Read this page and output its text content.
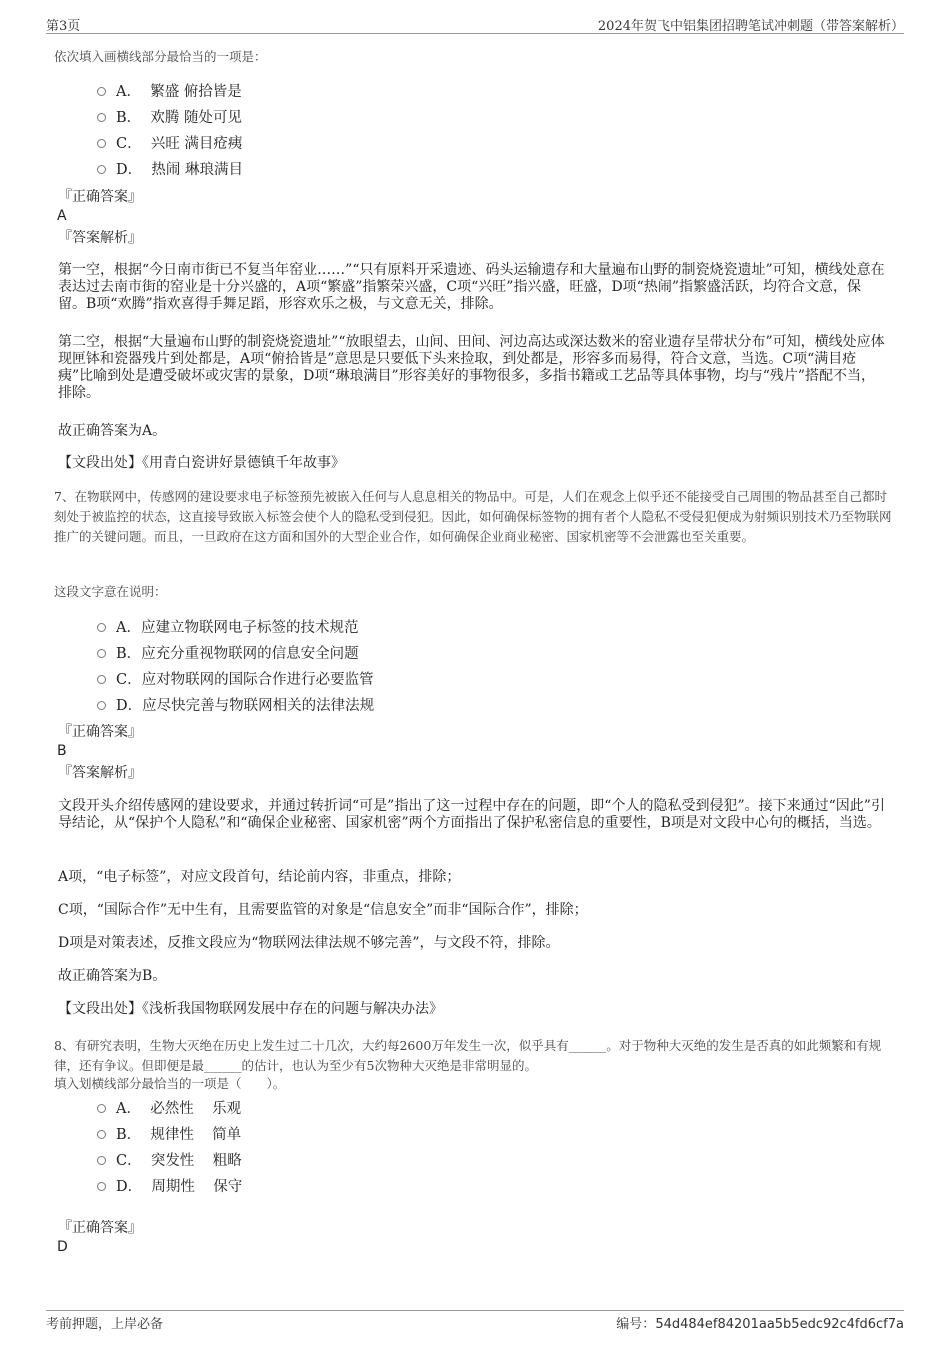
第3页	2024年贺飞中铝集团招聘笔试冲刺题（带答案解析）
依次填入画横线部分最恰当的一项是：
A．  繁盛 俯拾皆是
B．  欢腾 随处可见
C．  兴旺 满目疮痍
D．  热闹 琳琅满目
『正确答案』
A
『答案解析』
第一空，根据“今日南市街已不复当年窑业……”“只有原料开采遗迹、码头运输遗存和大量遍布山野的制瓷烧瓷遗址”可知，横线处意在表达过去南市街的窑业是十分兴盛的，A项“繁盛”指繁荣兴盛，C项“兴旺”指兴盛，旺盛，D项“热闹”指繁盛活跃，均符合文意，保留。B项“欢腾”指欢喜得手舞足蹈，形容欢乐之极，与文意无关，排除。
第二空，根据“大量遍布山野的制瓷烧瓷遗址”“放眼望去，山间、田间、河边高达或深达数米的窑业遗存呈带状分布”可知，横线处应体现匣钵和瓷器残片到处都是，A项“俯拾皆是”意思是只要低下头来捡取，到处都是，形容多而易得，符合文意，当选。C项“满目疮痍”比喻到处是遭受破坏或灾害的景象，D项“琳琅满目”形容美好的事物很多，多指书籍或工艺品等具体事物，均与“残片”搭配不当，排除。
故正确答案为A。
【文段出处】《用青白瓷讲好景德镇千年故事》
7、在物联网中，传感网的建设要求电子标签预先被嵌入任何与人息息相关的物品中。可是，人们在观念上似乎还不能接受自己周围的物品甚至自己都时刻处于被监控的状态，这直接导致嵌入标签会使个人的隐私受到侵犯。因此，如何确保标签物的拥有者个人隐私不受侵犯便成为射频识别技术乃至物联网推广的关键问题。而且，一旦政府在这方面和国外的大型企业合作，如何确保企业商业秘密、国家机密等不会泄露也至关重要。
这段文字意在说明：
A．应建立物联网电子标签的技术规范
B．应充分重视物联网的信息安全问题
C．应对物联网的国际合作进行必要监管
D．应尽快完善与物联网相关的法律法规
『正确答案』
B
『答案解析』
文段开头介绍传感网的建设要求，并通过转折词“可是”指出了这一过程中存在的问题，即“个人的隐私受到侵犯”。接下来通过“因此”引导结论，从“保护个人隐私”和“确保企业秘密、国家机密”两个方面指出了保护私密信息的重要性，B项是对文段中心句的概括，当选。
A项，“电子标签”，对应文段首句，结论前内容，非重点，排除；
C项，“国际合作”无中生有，且需要监管的对象是“信息安全”而非“国际合作”，排除；
D项是对策表述，反推文段应为“物联网法律法规不够完善”，与文段不符，排除。
故正确答案为B。
【文段出处】《浅析我国物联网发展中存在的问题与解决办法》
8、有研究表明，生物大灭绝在历史上发生过二十几次，大约每2600万年发生一次，似乎具有______。对于物种大灭绝的发生是否真的如此频繁和有规律，还有争议。但即便是最______的估计，也认为至少有5次物种大灭绝是非常明显的。
填入划横线部分最恰当的一项是（　　）。
A．  必然性    乐观
B．  规律性    简单
C．  突发性    粗略
D．  周期性    保守
『正确答案』
D
考前押题，上岸必备	编号：54d484ef84201aa5b5edc92c4fd6cf7a
